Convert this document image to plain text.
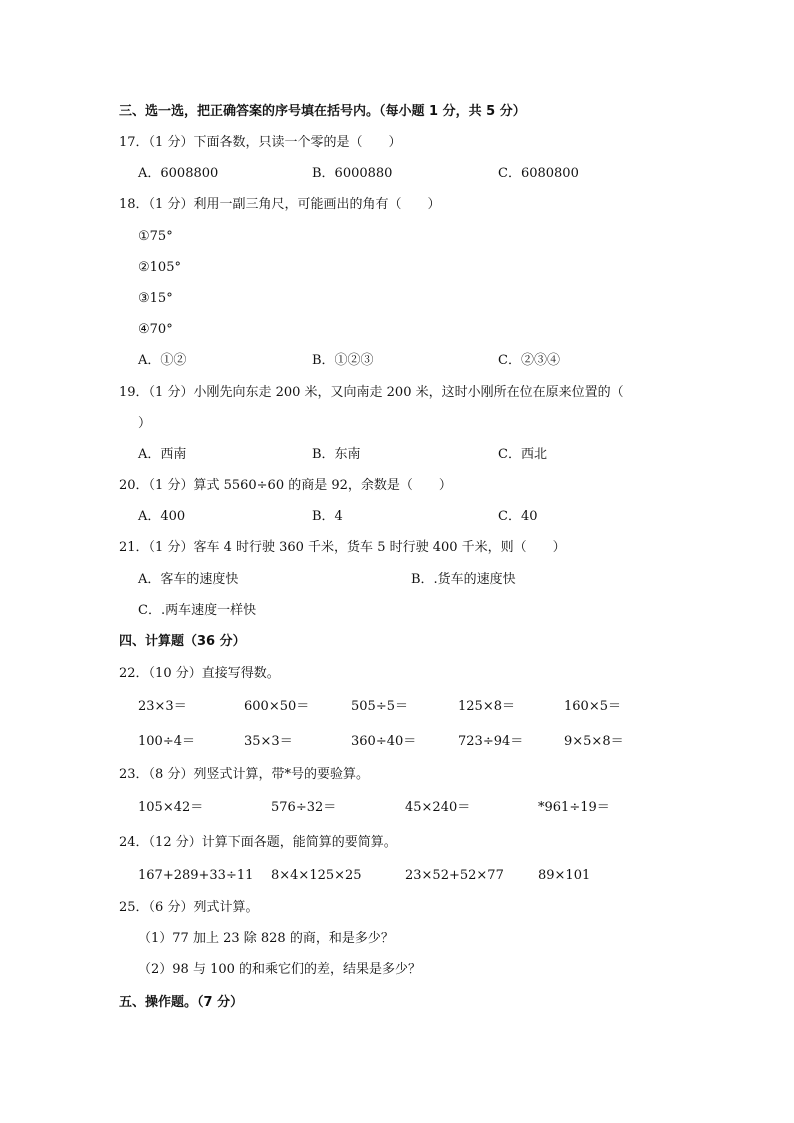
三、选一选，把正确答案的序号填在括号内。（每小题 1 分，共 5 分）
17．（1 分）下面各数，只读一个零的是（　　）
A．6008800	B．6000880	C．6080800
18．（1 分）利用一副三角尺，可能画出的角有（　　）
①75°
②105°
③15°
④70°
A．①②	B．①②③	C．②③④
19．（1 分）小刚先向东走 200 米，又向南走 200 米，这时小刚所在位在原来位置的（
）
A．西南	B．东南	C．西北
20．（1 分）算式 5560÷60 的商是 92，余数是（　　）
A．400	B．4	C．40
21．（1 分）客车 4 时行驶 360 千米，货车 5 时行驶 400 千米，则（　　）
A．客车的速度快	B．.货车的速度快
C．.两车速度一样快
四、计算题（36 分）
22．（10 分）直接写得数。
23×3＝	600×50＝	505÷5＝	125×8＝	160×5＝
100÷4＝	35×3＝	360÷40＝	723÷94＝	9×5×8＝
23．（8 分）列竖式计算，带*号的要验算。
105×42＝	576÷32＝	45×240＝	*961÷19＝
24．（12 分）计算下面各题，能简算的要简算。
167+289+33÷11 8×4×125×25	23×52+52×77	89×101
25．（6 分）列式计算。
（1）77 加上 23 除 828 的商，和是多少？
（2）98 与 100 的和乘它们的差，结果是多少？
五、操作题。（7 分）
